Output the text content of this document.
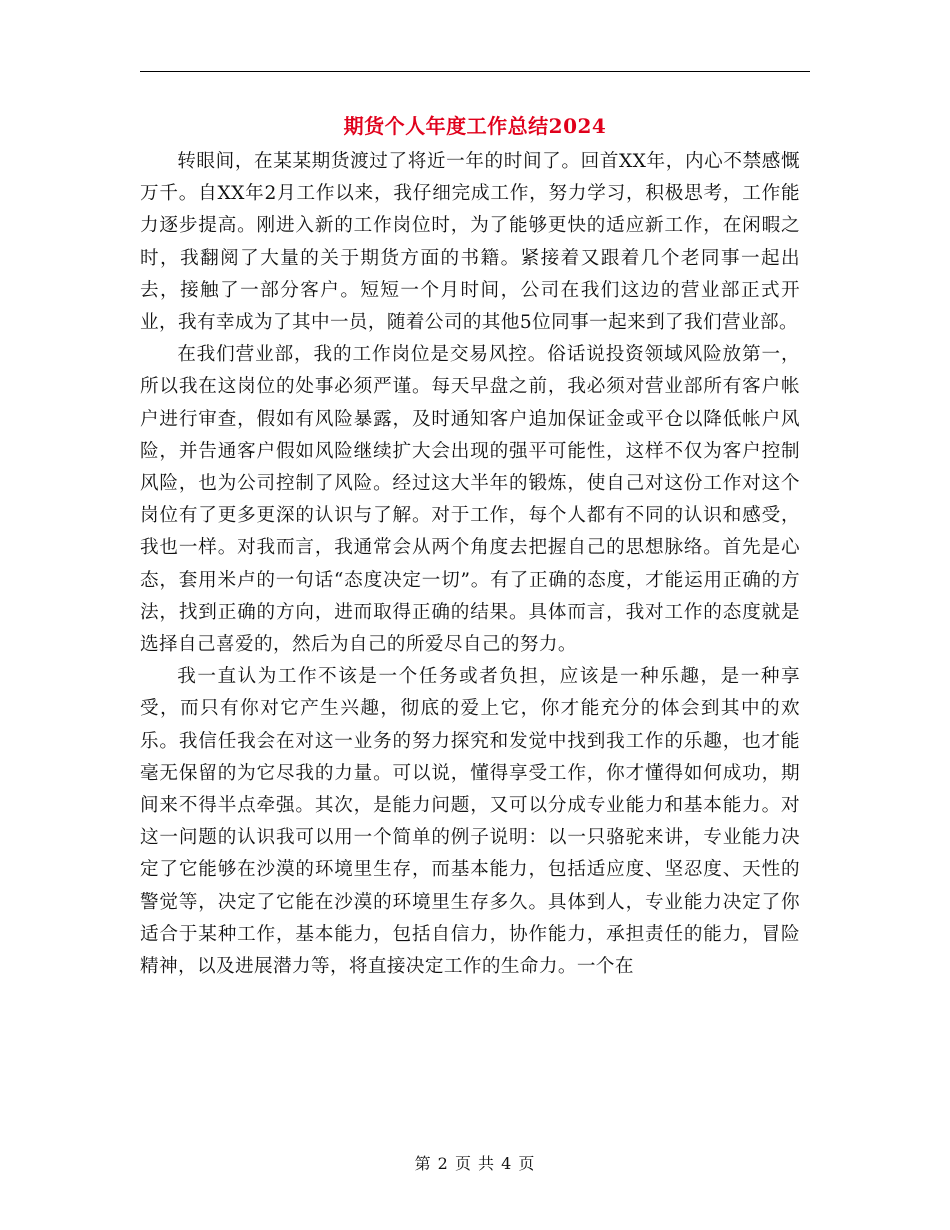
期货个人年度工作总结2024

转眼间，在某某期货渡过了将近一年的时间了。回首XX年，内心不禁感慨万千。自XX年2月工作以来，我仔细完成工作，努力学习，积极思考，工作能力逐步提高。刚进入新的工作岗位时，为了能够更快的适应新工作，在闲暇之时，我翻阅了大量的关于期货方面的书籍。紧接着又跟着几个老同事一起出去，接触了一部分客户。短短一个月时间，公司在我们这边的营业部正式开业，我有幸成为了其中一员，随着公司的其他5位同事一起来到了我们营业部。

在我们营业部，我的工作岗位是交易风控。俗话说投资领域风险放第一，所以我在这岗位的处事必须严谨。每天早盘之前，我必须对营业部所有客户帐户进行审查，假如有风险暴露，及时通知客户追加保证金或平仓以降低帐户风险，并告通客户假如风险继续扩大会出现的强平可能性，这样不仅为客户控制风险，也为公司控制了风险。经过这大半年的锻炼，使自己对这份工作对这个岗位有了更多更深的认识与了解。对于工作，每个人都有不同的认识和感受，我也一样。对我而言，我通常会从两个角度去把握自己的思想脉络。首先是心态，套用米卢的一句话“态度决定一切”。有了正确的态度，才能运用正确的方法，找到正确的方向，进而取得正确的结果。具体而言，我对工作的态度就是选择自己喜爱的，然后为自己的所爱尽自己的努力。

我一直认为工作不该是一个任务或者负担，应该是一种乐趣，是一种享受，而只有你对它产生兴趣，彻底的爱上它，你才能充分的体会到其中的欢乐。我信任我会在对这一业务的努力探究和发觉中找到我工作的乐趣，也才能毫无保留的为它尽我的力量。可以说，懂得享受工作，你才懂得如何成功，期间来不得半点牵强。其次，是能力问题，又可以分成专业能力和基本能力。对这一问题的认识我可以用一个简单的例子说明：以一只骆驼来讲，专业能力决定了它能够在沙漠的环境里生存，而基本能力，包括适应度、坚忍度、天性的警觉等，决定了它能在沙漠的环境里生存多久。具体到人，专业能力决定了你适合于某种工作，基本能力，包括自信力，协作能力，承担责任的能力，冒险精神，以及进展潜力等，将直接决定工作的生命力。一个在

第 2 页 共 4 页
